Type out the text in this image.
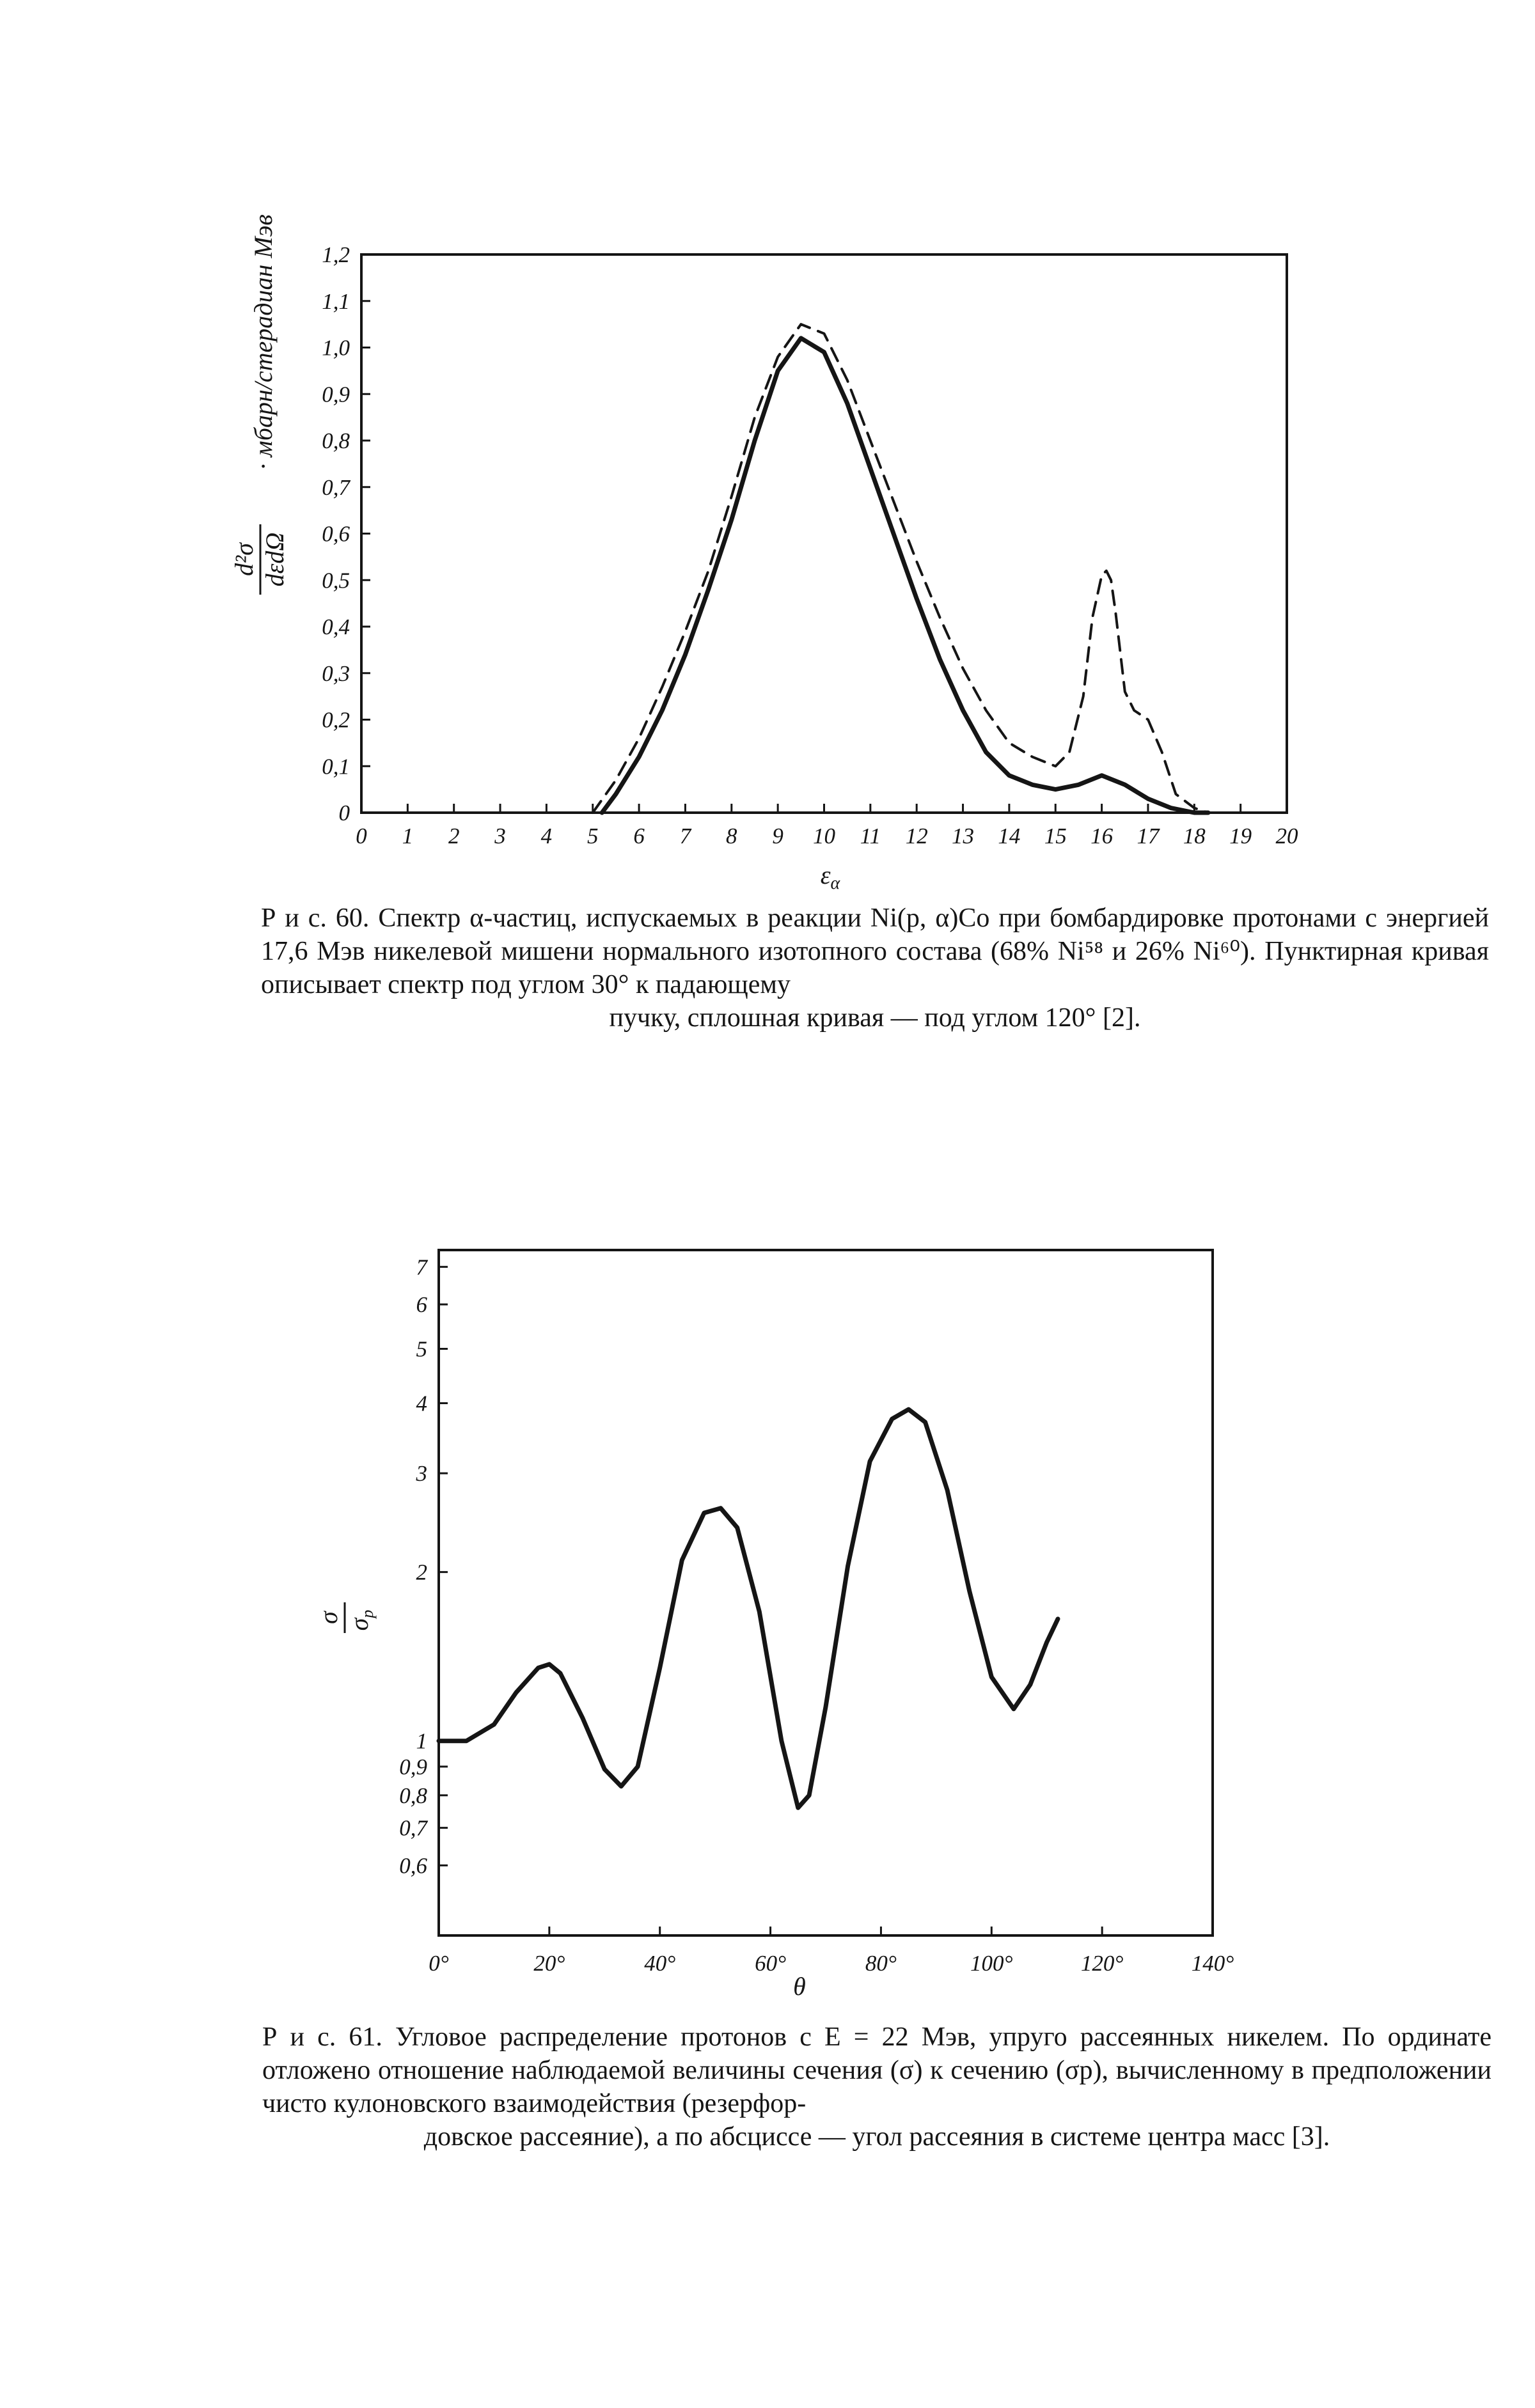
0 1 2 3 4 5 6 7 8 9 10 11 12 13 14 15 16 17 18 19 20
0
0,1
0,2
0,3
0,4
0,5
0,6
0,7
0,8
0,9
1,0
1,1
1,2
$\varepsilon_\alpha$
d²σ dεdΩ
· мбарн/стерадиан Мэв
0°	20°	40°	60°	80°	100°	120°	140°
0,6
0,7
0,8
0,9
1
2
3
4
5
6
7
θ
σ
$\sigma_p$

Р и с. 60. Спектр α-частиц, испускаемых в реакции Ni(p, α)Co при бомбардировке протонами с энергией 17,6 Мэв никелевой мишени нормального изотопного состава (68% Ni⁵⁸ и 26% Ni⁶⁰). Пунктирная кривая описывает спектр под углом 30° к падающему
пучку, сплошная кривая — под углом 120° [2].

Р и с. 61. Угловое распределение протонов с E = 22 Мэв, упруго рассеянных никелем. По ординате отложено отношение наблюдаемой величины сечения (σ) к сечению (σp), вычисленному в предположении чисто кулоновского взаимодействия (резерфор-
довское рассеяние), а по абсциссе — угол рассеяния в системе центра масс [3].
